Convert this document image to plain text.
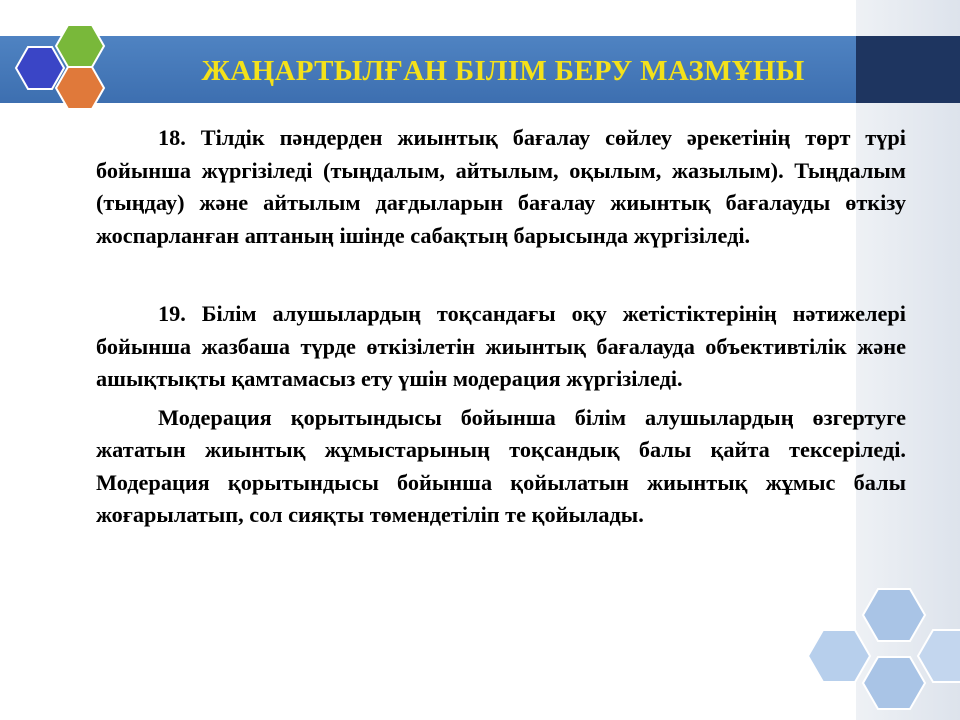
ЖАҢАРТЫЛҒАН БІЛІМ БЕРУ МАЗМҰНЫ

18. Тілдік пәндерден жиынтық бағалау сөйлеу әрекетінің төрт түрі бойынша жүргізіледі (тыңдалым, айтылым, оқылым, жазылым). Тыңдалым (тыңдау) және айтылым дағдыларын бағалау жиынтық бағалауды өткізу жоспарланған аптаның ішінде сабақтың барысында жүргізіледі.

19. Білім алушылардың тоқсандағы оқу жетістіктерінің нәтижелері бойынша жазбаша түрде өткізілетін жиынтық бағалауда объективтілік және ашықтықты қамтамасыз ету үшін модерация жүргізіледі.

Модерация қорытындысы бойынша білім алушылардың өзгертуге жататын жиынтық жұмыстарының тоқсандық балы қайта тексеріледі. Модерация қорытындысы бойынша қойылатын жиынтық жұмыс балы жоғарылатып, сол сияқты төмендетіліп те қойылады.
